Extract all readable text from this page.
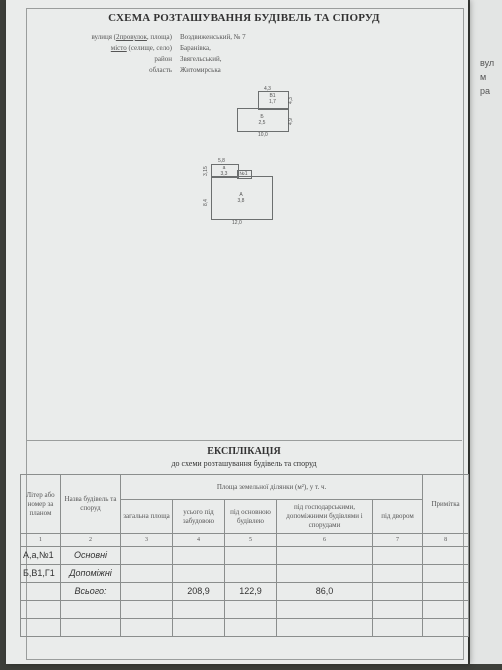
вул
м
ра
СХЕМА РОЗТАШУВАННЯ БУДІВЕЛЬ ТА СПОРУД
вулиця (2провулок, площа) Воздвиженський, № 7
місто (селище, село) Баранівка,
район Звягельський,
область Житомирська
4,3
В1
1,7
Б
2,5
4,3
4,9
10,0
5,8
а
3,3	№1
А
3,8
3,15
8,4
12,0
ЕКСПЛІКАЦІЯ
до схеми розташування будівель та споруд
Літер або номер за планом	Назва будівель та споруд	Площа земельної ділянки (м²), у т. ч.					Примітка
		загальна площа	усього під забудовою	під основною будівлею	під господарськими, допоміжними будівлями і спорудами	під двором	
1	2	3	4	5	6	7	8
А,а,№1	Основні						
Б,В1,Г1	Допоміжні						
	Всього:		208,9	122,9	86,0		
